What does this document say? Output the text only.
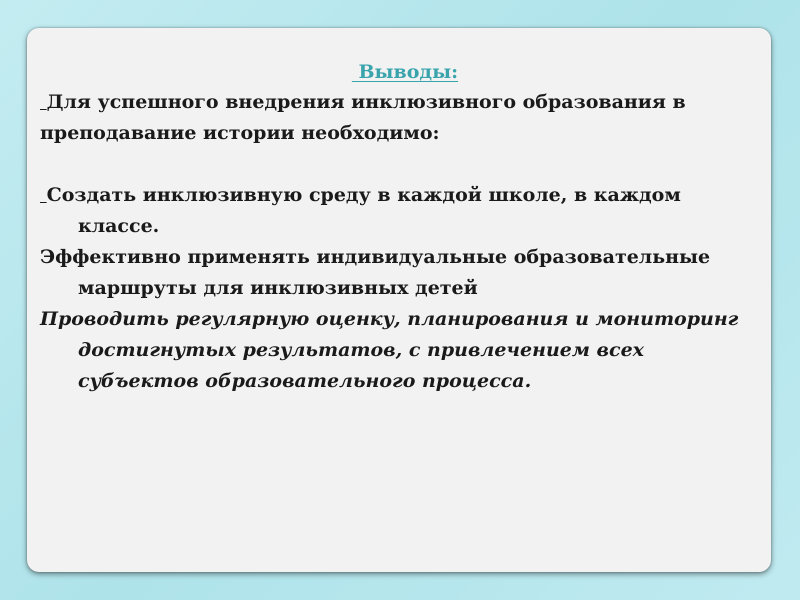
Выводы:

Для успешного внедрения инклюзивного образования в преподавание истории необходимо:

Создать инклюзивную среду в каждой школе, в каждом классе.

Эффективно применять индивидуальные образовательные маршруты для инклюзивных детей

Проводить регулярную оценку, планирования и мониторинг достигнутых результатов, с привлечением всех субъектов образовательного процесса.
